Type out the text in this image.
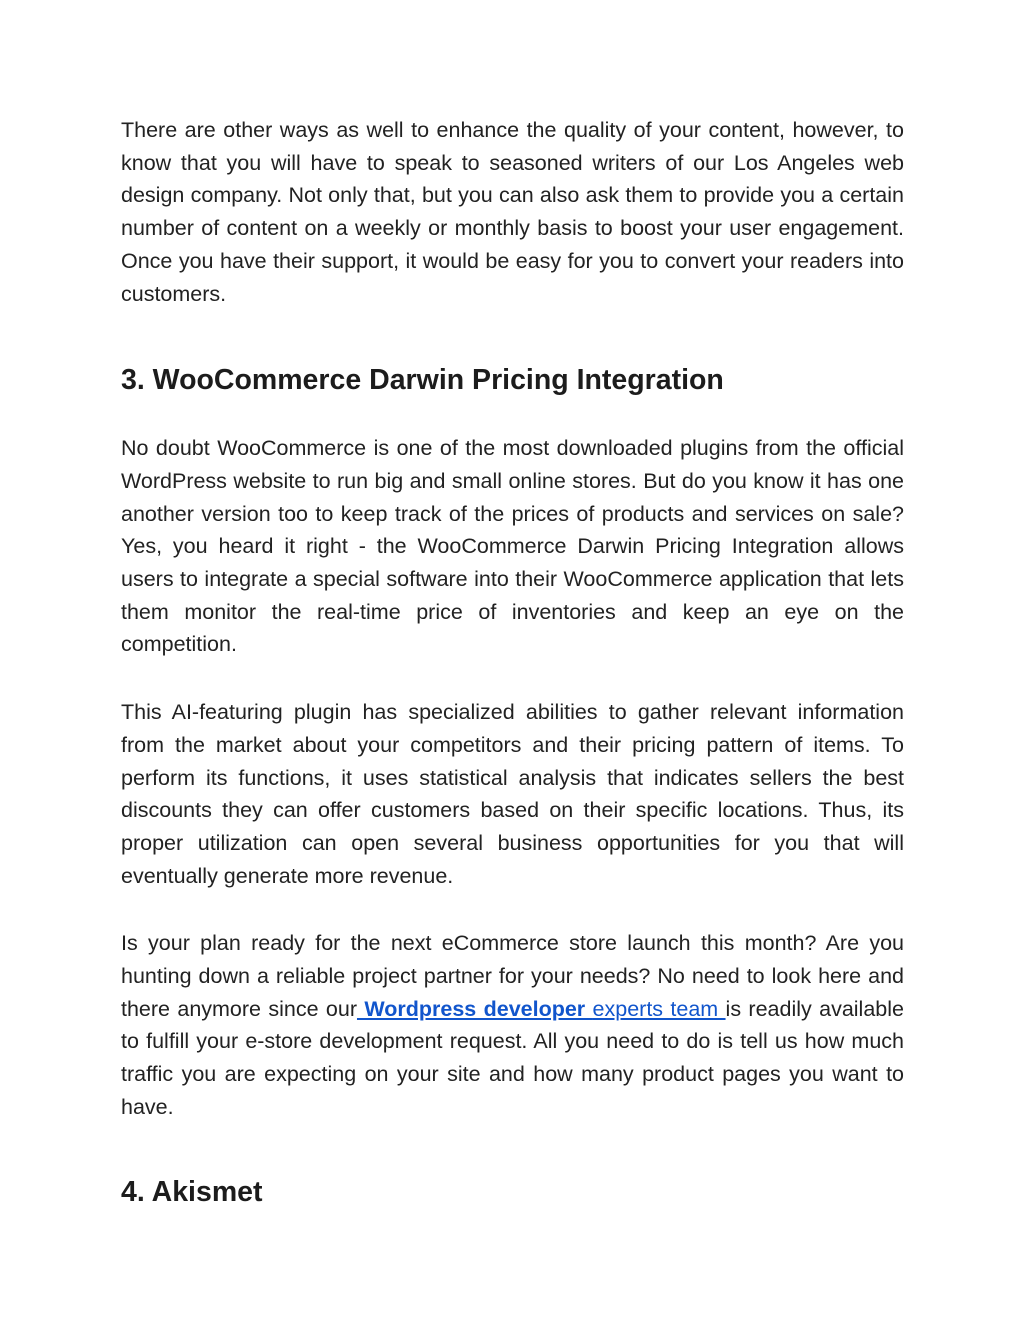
There are other ways as well to enhance the quality of your content, however, to know that you will have to speak to seasoned writers of our Los Angeles web design company. Not only that, but you can also ask them to provide you a certain number of content on a weekly or monthly basis to boost your user engagement. Once you have their support, it would be easy for you to convert your readers into customers.

3. WooCommerce Darwin Pricing Integration

No doubt WooCommerce is one of the most downloaded plugins from the official WordPress website to run big and small online stores. But do you know it has one another version too to keep track of the prices of products and services on sale? Yes, you heard it right - the WooCommerce Darwin Pricing Integration allows users to integrate a special software into their WooCommerce application that lets them monitor the real-time price of inventories and keep an eye on the competition.

This AI-featuring plugin has specialized abilities to gather relevant information from the market about your competitors and their pricing pattern of items. To perform its functions, it uses statistical analysis that indicates sellers the best discounts they can offer customers based on their specific locations. Thus, its proper utilization can open several business opportunities for you that will eventually generate more revenue.

Is your plan ready for the next eCommerce store launch this month? Are you hunting down a reliable project partner for your needs? No need to look here and there anymore since our Wordpress developer experts team is readily available to fulfill your e-store development request. All you need to do is tell us how much traffic you are expecting on your site and how many product pages you want to have.

4. Akismet
